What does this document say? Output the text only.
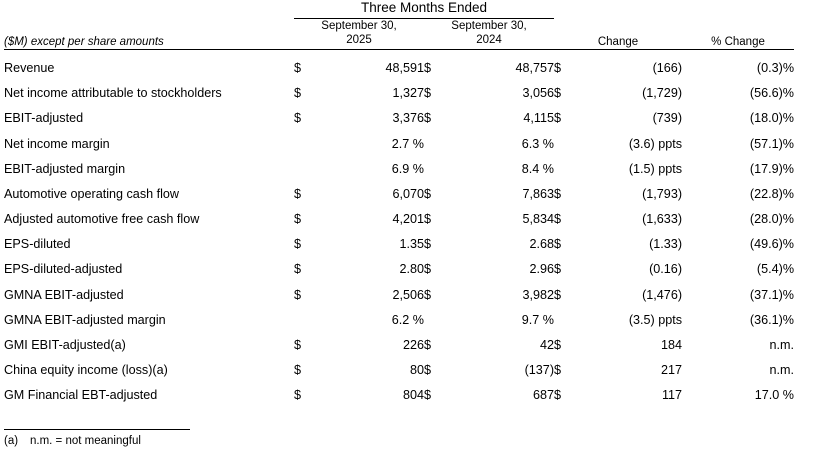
	Three Months Ended						

($M) except per share amounts	September 30,
2025		September 30,
2024		Change		% Change

Revenue	$	48,591	$	48,757	$	(166)	(0.3)%
Net income attributable to stockholders	$	1,327	$	3,056	$	(1,729)	(56.6)%
EBIT-adjusted	$	3,376	$	4,115	$	(739)	(18.0)%
Net income margin		2.7 %		6.3 %		(3.6) ppts	(57.1)%
EBIT-adjusted margin		6.9 %		8.4 %		(1.5) ppts	(17.9)%
Automotive operating cash flow	$	6,070	$	7,863	$	(1,793)	(22.8)%
Adjusted automotive free cash flow	$	4,201	$	5,834	$	(1,633)	(28.0)%
EPS-diluted	$	1.35	$	2.68	$	(1.33)	(49.6)%
EPS-diluted-adjusted	$	2.80	$	2.96	$	(0.16)	(5.4)%
GMNA EBIT-adjusted	$	2,506	$	3,982	$	(1,476)	(37.1)%
GMNA EBIT-adjusted margin		6.2 %		9.7 %		(3.5) ppts	(36.1)%
GMI EBIT-adjusted(a)	$	226	$	42	$	184	n.m.
China equity income (loss)(a)	$	80	$	(137)	$	217	n.m.
GM Financial EBT-adjusted	$	804	$	687	$	117	17.0 %
(a) n.m. = not meaningful
